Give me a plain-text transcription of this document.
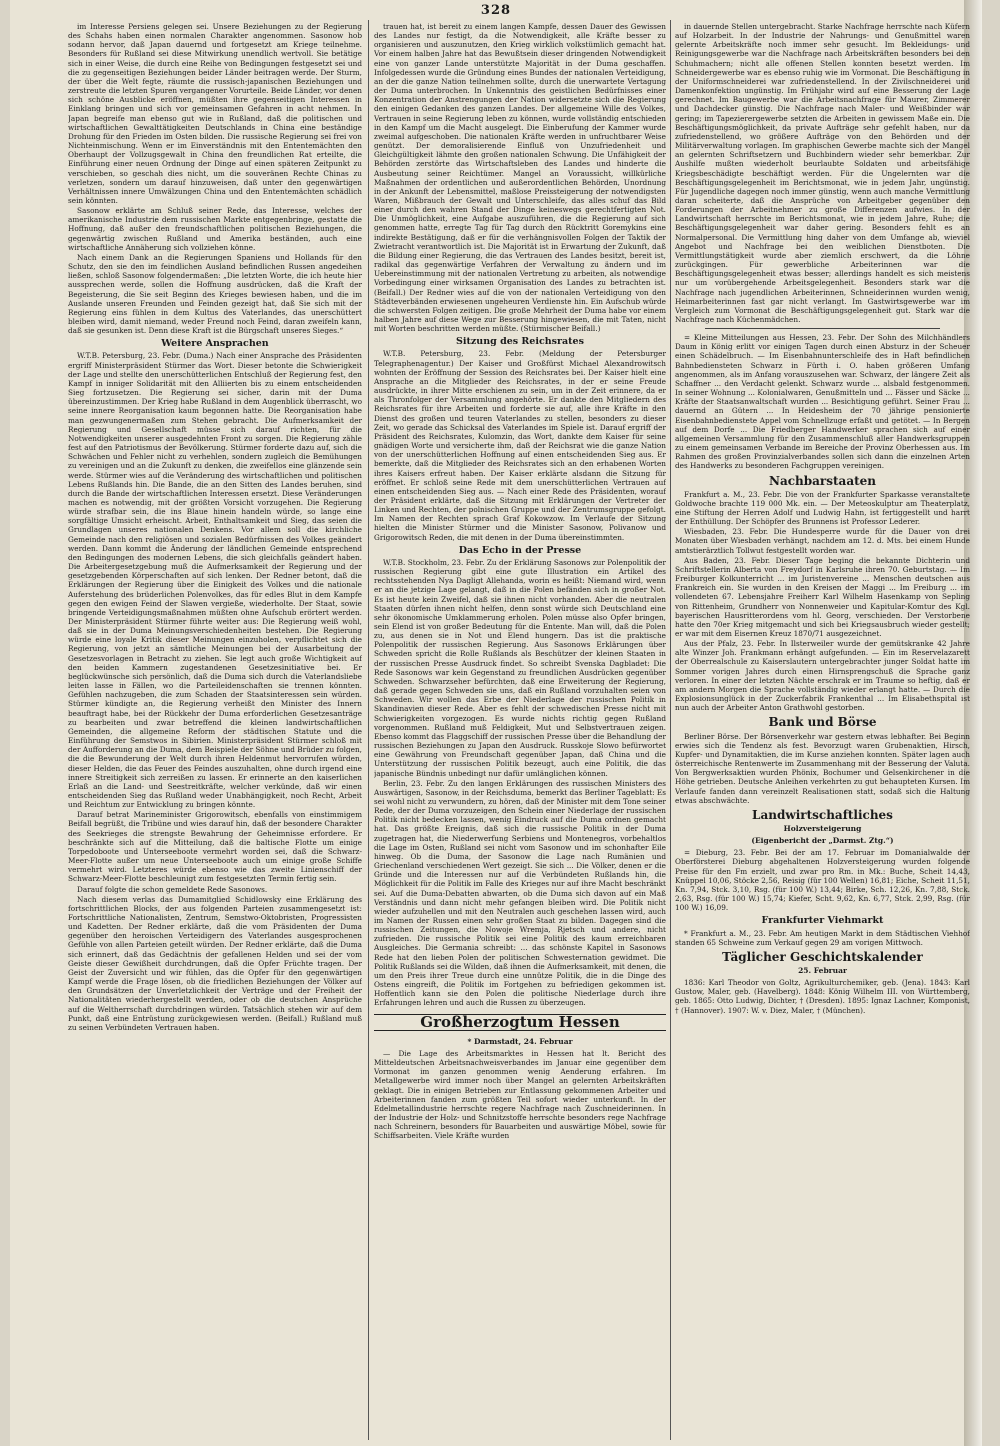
328

im Interesse Persiens gelegen sei. Unsere Beziehungen zu der Regierung des Schahs haben einen normalen Charakter angenommen. Sasonow hob sodann hervor, daß Japan dauernd und fortgesetzt am Kriege teilnehme. Besonders für Rußland sei diese Mitwirkung unendlich wertvoll. Sie betätige sich in einer Weise, die durch eine Reihe von Bedingungen festgesetzt sei und die zu gegenseitigen Beziehungen beider Länder beitragen werde. Der Sturm, der über die Welt fegte, räumte die russisch-japanischen Beziehungen und zerstreute die letzten Spuren vergangener Vorurteile. Beide Länder, vor denen sich schöne Ausblicke eröffnen, müßten ihre gegenseitigen Interessen in Einklang bringen und sich vor gemeinsamen Gefahren in acht nehmen. In Japan begreife man ebenso gut wie in Rußland, daß die politischen und wirtschaftlichen Gewalttätigkeiten Deutschlands in China eine beständige Drohung für den Frieden im Osten bilden. Die russische Regierung sei frei von Nichteinmischung. Wenn er im Einverständnis mit den Ententemächten den Oberhaupt der Vollzugsgewalt in China den freundlichen Rat erteilte, die Einführung einer neuen Ordnung der Dinge auf einen späteren Zeitpunkt zu verschieben, so geschah dies nicht, um die souveränen Rechte Chinas zu verletzen, sondern um darauf hinzuweisen, daß unter den gegenwärtigen Verhältnissen innere Umwälzungen China und den Ententemächten schädlich sein könnten.

Sasonow erklärte am Schluß seiner Rede, das Interesse, welches der amerikanische Industrie dem russischen Markte entgegenbringe, gestatte die Hoffnung, daß außer den freundschaftlichen politischen Beziehungen, die gegenwärtig zwischen Rußland und Amerika beständen, auch eine wirtschaftliche Annäherung sich vollziehen könne.

Nach einem Dank an die Regierungen Spaniens und Hollands für den Schutz, den sie den im feindlichen Ausland befindlichen Russen angedeihen ließen, schloß Sasonow folgendermaßen: „Die letzten Worte, die ich heute hier aussprechen werde, sollen die Hoffnung ausdrücken, daß die Kraft der Begeisterung, die Sie seit Beginn des Krieges bewiesen haben, und die im Auslande unseren Freunden und Feinden gezeigt hat, daß Sie sich mit der Regierung eins fühlen in dem Kultus des Vaterlandes, das unerschüttert bleiben wird, damit niemand, weder Freund noch Feind, daran zweifeln kann, daß sie gesunken ist. Denn diese Kraft ist die Bürgschaft unseres Sieges.“

Weitere Ansprachen

W.T.B. Petersburg, 23. Febr. (Duma.) Nach einer Ansprache des Präsidenten ergriff Ministerpräsident Stürmer das Wort. Dieser betonte die Schwierigkeit der Lage und stellte den unerschütterlichen Entschluß der Regierung fest, den Kampf in inniger Solidarität mit den Alliierten bis zu einem entscheidenden Sieg fortzusetzen. Die Regierung sei sicher, darin mit der Duma übereinzustimmen. Der Krieg habe Rußland in dem Augenblick überrascht, wo seine innere Reorganisation kaum begonnen hatte. Die Reorganisation habe man gezwungenermaßen zum Stehen gebracht. Die Aufmerksamkeit der Regierung und Gesellschaft müsse sich darauf richten, für die Notwendigkeiten unserer ausgedehnten Front zu sorgen. Die Regierung zähle fest auf den Patriotismus der Bevölkerung. Stürmer forderte dazu auf, sich die Schwächen und Fehler nicht zu verhehlen, sondern zugleich die Bemühungen zu vereinigen und an die Zukunft zu denken, die zweifellos eine glänzende sein werde. Stürmer wies auf die Veränderung des wirtschaftlichen und politischen Lebens Rußlands hin. Die Bande, die an den Sitten des Landes beruhen, sind durch die Bande der wirtschaftlichen Interessen ersetzt. Diese Veränderungen machen es notwendig, mit der größten Vorsicht vorzugehen. Die Regierung würde strafbar sein, die ins Blaue hinein handeln würde, so lange eine sorgfältige Umsicht erheischt. Arbeit, Enthaltsamkeit und Sieg, das seien die Grundlagen unseres nationalen Denkens. Vor allem soll die kirchliche Gemeinde nach den religiösen und sozialen Bedürfnissen des Volkes geändert werden. Dann kommt die Änderung der ländlichen Gemeinde entsprechend den Bedingungen des modernen Lebens, die sich gleichfalls geändert haben. Die Arbeitergesetzgebung muß die Aufmerksamkeit der Regierung und der gesetzgebenden Körperschaften auf sich lenken. Der Redner betont, daß die Erklärungen der Regierung über die Einigkeit des Volkes und die nationale Auferstehung des brüderlichen Polenvolkes, das für edles Blut in dem Kampfe gegen den ewigen Feind der Slawen vergieße, wiederholte. Der Staat, sowie bringende Verteidigungsmaßnahmen müßten ohne Aufschub erörtert werden. Der Ministerpräsident Stürmer führte weiter aus: Die Regierung weiß wohl, daß sie in der Duma Meinungsverschiedenheiten bestehen. Die Regierung würde eine loyale Kritik dieser Meinungen einzuholen, verpflichtet sich die Regierung, von jetzt an sämtliche Meinungen bei der Ausarbeitung der Gesetzesvorlagen in Betracht zu ziehen. Sie legt auch große Wichtigkeit auf den beiden Kammern zugestandenen Gesetzesinitiative bei. Er beglückwünsche sich persönlich, daß die Duma sich durch die Vaterlandsliebe leiten lasse in Fällen, wo die Parteileidenschaften sie trennen könnten. Gefühlen nachzugeben, die zum Schaden der Staatsinteressen sein würden. Stürmer kündigte an, die Regierung verheißt den Minister des Innern beauftragt habe, bei der Rückkehr der Duma erforderlichen Gesetzesanträge zu bearbeiten und zwar betreffend die kleinen landwirtschaftlichen Gemeinden, die allgemeine Reform der städtischen Statute und die Einführung der Semstwos in Sibirien. Ministerpräsident Stürmer schloß mit der Aufforderung an die Duma, dem Beispiele der Söhne und Brüder zu folgen, die die Bewunderung der Welt durch ihren Heldenmut hervorrufen würden, dieser Helden, die das Feuer des Feindes auszuhalten, ohne durch irgend eine innere Streitigkeit sich zerreißen zu lassen. Er erinnerte an den kaiserlichen Erlaß an die Land- und Seestreitkräfte, welcher verkünde, daß wir einen entscheidenden Sieg das Rußland weder Unabhängigkeit, noch Recht, Arbeit und Reichtum zur Entwicklung zu bringen könnte.

Darauf betrat Marineminister Grigorowitsch, ebenfalls von einstimmigem Beifall begrüßt, die Tribüne und wies darauf hin, daß der besondere Charakter des Seekrieges die strengste Bewahrung der Geheimnisse erfordere. Er beschränkte sich auf die Mitteilung, daß die baltische Flotte um einige Torpedoboote und Unterseeboote vermehrt worden sei, daß die Schwarz-Meer-Flotte außer um neue Unterseeboote auch um einige große Schiffe vermehrt wird. Letzteres würde ebenso wie das zweite Linienschiff der Schwarz-Meer-Flotte beschleunigt zum festgesetzten Termin fertig sein.

Darauf folgte die schon gemeldete Rede Sasonows.

Nach diesem verlas das Dumamitglied Schidlowsky eine Erklärung des fortschrittlichen Blocks, der aus folgenden Parteien zusammengesetzt ist: Fortschrittliche Nationalisten, Zentrum, Semstwo-Oktobristen, Progressisten und Kadetten. Der Redner erklärte, daß die vom Präsidenten der Duma gegenüber den heroischen Verteidigern des Vaterlandes ausgesprochenen Gefühle von allen Parteien geteilt würden. Der Redner erklärte, daß die Duma sich erinnert, daß das Gedächtnis der gefallenen Helden und sei der vom Geiste dieser Gewißheit durchdrungen, daß die Opfer Früchte tragen. Der Geist der Zuversicht und wir fühlen, das die Opfer für den gegenwärtigen Kampf werde die Frage lösen, ob die friedlichen Beziehungen der Völker auf den Grundsätzen der Unverletzlichkeit der Verträge und der Freiheit der Nationalitäten wiederhergestellt werden, oder ob die deutschen Ansprüche auf die Weltherrschaft durchdringen würden. Tatsächlich stehen wir auf dem Punkt, daß eine Entrüstung zurückgewiesen werden. (Beifall.) Rußland muß zu seinen Verbündeten Vertrauen haben.

trauen hat, ist bereit zu einem langen Kampfe, dessen Dauer des Gewissen des Landes nur festigt, da die Notwendigkeit, alle Kräfte besser zu organisieren und auszunutzen, den Krieg wirklich volkstümlich gemacht hat. Vor einem halben Jahre hat das Bewußtsein dieser dringenden Notwendigkeit eine von ganzer Lande unterstützte Majorität in der Duma geschaffen. Infolgedessen wurde die Gründung eines Bundes der nationalen Verteidigung, an der die ganze Nation teilnehmen sollte, durch die unerwartete Vertagung der Duma unterbrochen. In Unkenntnis des geistlichen Bedürfnisses einer Konzentration der Anstrengungen der Nation widersetzte sich die Regierung den einigen Gedanken des ganzen Landes. Der allgemeine Wille des Volkes, Vertrauen in seine Regierung leben zu können, wurde vollständig entschieden in den Kampf um die Macht ausgelegt. Die Einberufung der Kammer wurde zweimal aufgeschoben. Die nationalen Kräfte werden in unfruchtbarer Weise genützt. Der demoralisierende Einfluß von Unzufriedenheit und Gleichgültigkeit lähmte den großen nationalen Schwung. Die Unfähigkeit der Behörden zerstörte das Wirtschaftsleben des Landes und hinderte die Ausbeutung seiner Reichtümer. Mangel an Voraussicht, willkürliche Maßnahmen der ordentlichen und außerordentlichen Behörden, Unordnung in der Ankunft der Lebensmittel, maßlose Preissteigerung der notwendigsten Waren, Mißbrauch der Gewalt und Unterschleife, das alles schuf das Bild einer durch den wahren Stand der Dinge keineswegs gerechtfertigten Not. Die Unmöglichkeit, eine Aufgabe auszuführen, die die Regierung auf sich genommen hatte, erregte Tag für Tag durch den Rücktritt Goremykins eine indirekte Bestätigung, daß er für die verhängnisvollen Folgen der Taktik der Zwietracht verantwortlich ist. Die Majorität ist in Erwartung der Zukunft, daß die Bildung einer Regierung, die das Vertrauen des Landes besitzt, bereit ist, radikal das gegenwärtige Verfahren der Verwaltung zu ändern und im Uebereinstimmung mit der nationalen Vertretung zu arbeiten, als notwendige Vorbedingung einer wirksamen Organisation des Landes zu betrachten ist. (Beifall.) Der Redner wies auf die von der nationalen Verteidigung von den Städteverbänden erwiesenen ungeheuren Verdienste hin. Ein Aufschub würde die schwersten Folgen zeitigen. Die große Mehrheit der Duma habe vor einem halben Jahre auf diese Wege zur Besserung hingewiesen, die mit Taten, nicht mit Worten beschritten werden müßte. (Stürmischer Beifall.)

Sitzung des Reichsrates

W.T.B. Petersburg, 23. Febr. (Meldung der Petersburger Telegraphenagentur.) Der Kaiser und Großfürst Michael Alexandrowitsch wohnten der Eröffnung der Session des Reichsrates bei. Der Kaiser hielt eine Ansprache an die Mitglieder des Reichsrates, in der er seine Freude ausdrückte, in ihrer Mitte erschienen zu sein, um in der Zeit erinnere, da er als Thronfolger der Versammlung angehörte. Er dankte den Mitgliedern des Reichsrates für ihre Arbeiten und forderte sie auf, alle ihre Kräfte in den Dienst des großen und teuren Vaterlandes zu stellen, besonders zu dieser Zeit, wo gerade das Schicksal des Vaterlandes im Spiele ist. Darauf ergriff der Präsident des Reichsrates, Kulomzin, das Wort, dankte dem Kaiser für seine gnädigen Worte und versicherte ihm, daß der Reichsrat wie die ganze Nation von der unerschütterlichen Hoffnung auf einen entscheidenden Sieg aus. Er bemerkte, daß die Mitglieder des Reichsrates sich an den erhabenen Worten ihres Kaisers erfreut haben. Der Kaiser erklärte alsdann die Sitzung für eröffnet. Er schloß seine Rede mit dem unerschütterlichen Vertrauen auf einen entscheidenden Sieg aus. — Nach einer Rede des Präsidenten, worauf der Präsident erklärte, daß die Sitzung mit Erklärungen der Vertreter der Linken und Rechten, der polnischen Gruppe und der Zentrumsgruppe gefolgt. Im Namen der Rechten sprach Graf Kokowzow. Im Verlaufe der Sitzung hielten die Minister Stürmer und die Minister Sasonow, Polivanow und Grigorowitsch Reden, die mit denen in der Duma übereinstimmten.

Das Echo in der Presse

W.T.B. Stockholm, 23. Febr. Zu der Erklärung Sasonows zur Polenpolitik der russischen Regierung gibt eine gute Illustration ein Artikel des rechtsstehenden Nya Dagligt Allehanda, worin es heißt: Niemand wird, wenn er an die jetzige Lage gelangt, daß in die Polen befänden sich in großer Not. Es ist heute kein Zweifel, daß sie ihnen nicht vorhanden. Aber die neutralen Staaten dürfen ihnen nicht helfen, denn sonst würde sich Deutschland eine sehr ökonomische Umklammerung erholen. Polen müsse also Opfer bringen, sein Elend ist von großer Bedeutung für die Entente. Man will, daß die Polen zu, aus denen sie in Not und Elend hungern. Das ist die praktische Polenpolitik der russischen Regierung. Aus Sasonows Erklärungen über Schweden spricht die Rolle Rußlands als Beschützer der kleinen Staaten in der russischen Presse Ausdruck findet. So schreibt Svenska Dagbladet: Die Rede Sasonows war kein Gegenstand zu freundlichen Ausdrücken gegenüber Schweden. Schwarzseher befürchten, daß eine Erweiterung der Regierung, daß gerade gegen Schweden sie uns, daß ein Rußland vorzuhalten seien von Schweden. Wir wollen das Erbe der Niederlage der russischen Politik in Skandinavien dieser Rede. Aber es fehlt der schwedischen Presse nicht mit Schwierigkeiten vorgezogen. Es wurde nichts richtig gegen Rußland vorgenommen. Rußland muß Feldigkeit, Mut und Selbstvertrauen zeigen. Ebenso kommt das Flaggschiff der russischen Presse über die Behandlung der russischen Beziehungen zu Japan den Ausdruck. Russkoje Slowo befürwortet eine Gewährung von Freundschaft gegenüber Japan, daß China und die Unterstützung der russischen Politik bezeugt, auch eine Politik, die das japanische Bündnis unbedingt nur dafür umlänglichen können.

Berlin, 23. Febr. Zu den langen Erklärungen des russischen Ministers des Auswärtigen, Sasonow, in der Reichsduma, bemerkt das Berliner Tageblatt: Es sei wohl nicht zu verwundern, zu hören, daß der Minister mit dem Tone seiner Rede, der der Duma vorzuzeigen, den Schein einer Niederlage der russischen Politik nicht bedecken lassen, wenig Eindruck auf die Duma ordnen gemacht hat. Das größte Ereignis, daß sich die russische Politik in der Duma zugetragen hat, die Niederwerfung Serbiens und Montenegros, vorbehaltlos die Lage im Osten, Rußland sei nicht vom Sasonow und im schonhafter Eile hinweg. Ob die Duma, der Sasonow die Lage nach Rumänien und Griechenland verschiedenen Wert gezeigt. Sie sich ... Die Völker, denen er die Gründe und die Interessen nur auf die Verbündeten Rußlands hin, die Möglichkeit für die Politik im Falle des Krieges nur auf ihre Macht beschränkt sei. Auf die Duma-Debatten abwarten, ob die Duma sich davon auf ein Maß Verständnis und dann nicht mehr gefangen bleiben wird. Die Politik nicht wieder aufzuhellen und mit den Neutralen auch geschehen lassen wird, auch im Namen der Russen einen sehr großen Staat zu bilden. Dagegen sind die russischen Zeitungen, die Nowoje Wremja, Rjetsch und andere, nicht zufrieden. Die russische Politik sei eine Politik des kaum erreichbaren Ausgleiches. Die Germania schreibt: ... das schönste Kapitel in Sasonows Rede hat den lieben Polen der politischen Schwesternation gewidmet. Die Politik Rußlands sei die Wilden, daß ihnen die Aufmerksamkeit, mit denen, die um den Preis ihrer Treue durch eine unnütze Politik, die in die Dinge des Ostens eingreift, die Politik im Fortgehen zu befriedigen gekommen ist. Hoffentlich kann sie den Polen die politische Niederlage durch ihre Erfahrungen lehren und auch die Russen zu überzeugen.

Großherzogtum Hessen
* Darmstadt, 24. Februar

— Die Lage des Arbeitsmarktes in Hessen hat lt. Bericht des Mitteldeutschen Arbeitsnachweisverbandes im Januar eine gegenüber dem Vormonat im ganzen genommen wenig Aenderung erfahren. Im Metallgewerbe wird immer noch über Mangel an gelernten Arbeitskräften geklagt. Die in einigen Betrieben zur Entlassung gekommenen Arbeiter und Arbeiterinnen fanden zum größten Teil sofort wieder unterkunft. In der Edelmetallindustrie herrschte regere Nachfrage nach Zuschneiderinnen. In der Industrie der Holz- und Schnitzstoffe herrschte besonders rege Nachfrage nach Schreinern, besonders für Bauarbeiten und auswärtige Möbel, sowie für Schiffsarbeiten. Viele Kräfte wurden

in dauernde Stellen untergebracht. Starke Nachfrage herrschte nach Küfern auf Holzarbeit. In der Industrie der Nahrungs- und Genußmittel waren gelernte Arbeitskräfte noch immer sehr gesucht. Im Bekleidungs- und Reinigungsgewerbe war die Nachfrage nach Arbeitskräften besonders bei den Schuhmachern; nicht alle offenen Stellen konnten besetzt werden. Im Schneidergewerbe war es ebenso ruhig wie im Vormonat. Die Beschäftigung in der Uniformschneiderei war zufriedenstellend. In der Zivilschneiderei und Damenkonfektion ungünstig. Im Frühjahr wird auf eine Besserung der Lage gerechnet. Im Baugewerbe war die Arbeitsnachfrage für Maurer, Zimmerer und Dachdecker günstig. Die Nachfrage nach Maler- und Weißbinder war gering; im Tapezierergewerbe setzten die Arbeiten in gewissem Maße ein. Die Beschäftigungsmöglichkeit, da private Aufträge sehr gefehlt haben, nur da zufriedenstellend, wo größere Aufträge von den Behörden und der Militärverwaltung vorlagen. Im graphischen Gewerbe machte sich der Mangel an gelernten Schriftsetzern und Buchbindern wieder sehr bemerkbar. Zur Aushilfe mußten wiederholt beurlaubte Soldaten und arbeitsfähige Kriegsbeschädigte beschäftigt werden. Für die Ungelernten war die Beschäftigungsgelegenheit im Berichtsmonat, wie in jedem Jahr, ungünstig. Für Jugendliche dagegen noch immer günstig, wenn auch manche Vermittlung daran scheiterte, daß die Ansprüche von Arbeitgeber gegenüber den Forderungen der Arbeitnehmer zu große Differenzen aufwies. In der Landwirtschaft herrschte im Berichtsmonat, wie in jedem Jahre, Ruhe; die Beschäftigungsgelegenheit war daher gering. Besonders fehlt es an Normalpersonal. Die Vermittlung hing daher von dem Umfange ab, wieviel Angebot und Nachfrage bei den weiblichen Dienstboten. Die Vermittlungstätigkeit wurde aber ziemlich erschwert, da die Löhne zurückgingen. Für gewerbliche Arbeiterinnen war die Beschäftigungsgelegenheit etwas besser; allerdings handelt es sich meistens nur um vorübergehende Arbeitsgelegenheit. Besonders stark war die Nachfrage nach jugendlichen Arbeiterinnen, Schneiderinnen wurden wenig, Heimarbeiterinnen fast gar nicht verlangt. Im Gastwirtsgewerbe war im Vergleich zum Vormonat die Beschäftigungsgelegenheit gut. Stark war die Nachfrage nach Küchenmädchen.

= Kleine Mitteilungen aus Hessen, 23. Febr. Der Sohn des Milchhändlers Daum in König erlitt vor einigen Tagen durch einen Absturz in der Scheuer einen Schädelbruch. — Im Eisenbahnunterschleife des in Haft befindlichen Bahnbediensteten Schwarz in Fürth i. O. haben größeren Umfang angenommen, als im Anfang vorauszusehen war. Schwarz, der längere Zeit als Schaffner ... den Verdacht gelenkt. Schwarz wurde ... alsbald festgenommen. In seiner Wohnung ... Kolonialwaren, Genußmitteln und ... Fässer und Säcke ... Kräfte der Staatsanwaltschaft wurden ... Besichtigung geführt. Seiner Frau ... dauernd an Gütern ... In Heidesheim der 70 jährige pensionierte Eisenbahnbedienstete Appel vom Schnellzuge erfaßt und getötet. — In Bergen auf dem Dorfe ... Die Friedberger Handwerker sprachen sich auf einer allgemeinen Versammlung für den Zusammenschluß aller Handwerksgruppen zu einem gemeinsamen Verbande im Bereiche der Provinz Oberhessen aus. Im Rahmen des großen Provinzialverbandes sollen sich dann die einzelnen Arten des Handwerks zu besonderen Fachgruppen vereinigen.

Nachbarstaaten

Frankfurt a. M., 23. Febr. Die von der Frankfurter Sparkasse veranstaltete Goldwoche brachte 119 000 Mk. ein. — Der Meteoskulptur am Theaterplatz, eine Stiftung der Herren Adolf und Ludwig Hahn, ist fertiggestellt und harrt der Enthüllung. Der Schöpfer des Brunnens ist Professor Lederer.

Wiesbaden, 23. Febr. Die Hundesperre wurde für die Dauer von drei Monaten über Wiesbaden verhängt, nachdem am 12. d. Mts. bei einem Hunde amtstierärztlich Tollwut festgestellt worden war.

Aus Baden, 23. Febr. Dieser Tage beging die bekannte Dichterin und Schriftstellerin Alberta von Freydorf in Karlsruhe ihren 70. Geburtstag. — Im Freiburger Kolkunterricht ... im Juristenvereine ... Menschen deutschen aus Frankreich ein. Sie wurden in den Kreisen der Maggi ... Im Freiburg ... im vollendeten 67. Lebensjahre Freiherr Karl Wilhelm Hasenkamp von Sepling von Rittenheim, Grundherr von Nonnenweier und Kapitular-Komtur des Kgl. bayerischen Hausritterordens vom hl. Georg, verschieden. Der Verstorbene hatte den 70er Krieg mitgemacht und sich bei Kriegsausbruch wieder gestellt; er war mit dem Eisernen Kreuz 1870/71 ausgezeichnet.

Aus der Pfalz, 23. Febr. In Ilsterweiler wurde der gemütskranke 42 Jahre alte Winzer Joh. Frankmann erhängt aufgefunden. — Ein im Reservelazarett der Oberrealschule zu Kaiserslautern untergebrachter junger Soldat hatte im Sommer vorigen Jahres durch einen Hirnsprengschuß die Sprache ganz verloren. In einer der letzten Nächte erschrak er im Traume so heftig, daß er am andern Morgen die Sprache vollständig wieder erlangt hatte. — Durch die Explosionsunglück in der Zuckerfabrik Frankenthal ... Im Elisabethspital ist nun auch der Arbeiter Anton Grathwohl gestorben.

Bank und Börse

Berliner Börse. Der Börsenverkehr war gestern etwas lebhafter. Bei Beginn erwies sich die Tendenz als fest. Bevorzugt waren Grubenaktien, Hirsch, Kupfer- und Dynamitaktien, die im Kurse anziehen konnten. Später lagen auch österreichische Rentenwerte im Zusammenhang mit der Besserung der Valuta. Von Bergwerksaktien wurden Phönix, Bochumer und Gelsenkirchener in die Höhe getrieben. Deutsche Anleihen verkehrten zu gut behaupteten Kursen. Im Verlaufe fanden dann vereinzelt Realisationen statt, sodaß sich die Haltung etwas abschwächte.

Landwirtschaftliches
Holzversteigerung
(Eigenbericht der „Darmst. Ztg.“)

= Dieburg, 23. Febr. Bei der am 17. Februar im Domanialwalde der Oberförsterei Dieburg abgehaltenen Holzversteigerung wurden folgende Preise für den Fm erzielt, und zwar pro Rm. in Mk.: Buche, Scheit 14,43, Knüppel 10,06, Stöcke 2,56, Reisig (für 100 Wellen) 16,81; Eiche, Scheit 11,51, Kn. 7,94, Stck. 3,10, Rsg. (für 100 W.) 13,44; Birke, Sch. 12,26, Kn. 7,88, Stck. 2,63, Rsg. (für 100 W.) 15,74; Kiefer, Scht. 9,62, Kn. 6,77, Stck. 2,99, Rsg. (für 100 W.) 16,09.

Frankfurter Viehmarkt

* Frankfurt a. M., 23. Febr. Am heutigen Markt in dem Städtischen Viehhof standen 65 Schweine zum Verkauf gegen 29 am vorigen Mittwoch.

Täglicher Geschichtskalender
25. Februar

1836: Karl Theodor von Goltz, Agrikulturchemiker, geb. (Jena). 1843: Karl Gustow, Maler, geb. (Havelberg). 1848: König Wilhelm III. von Württemberg, geb. 1865: Otto Ludwig, Dichter, † (Dresden). 1895: Ignaz Lachner, Komponist, † (Hannover). 1907: W. v. Diez, Maler, † (München).
